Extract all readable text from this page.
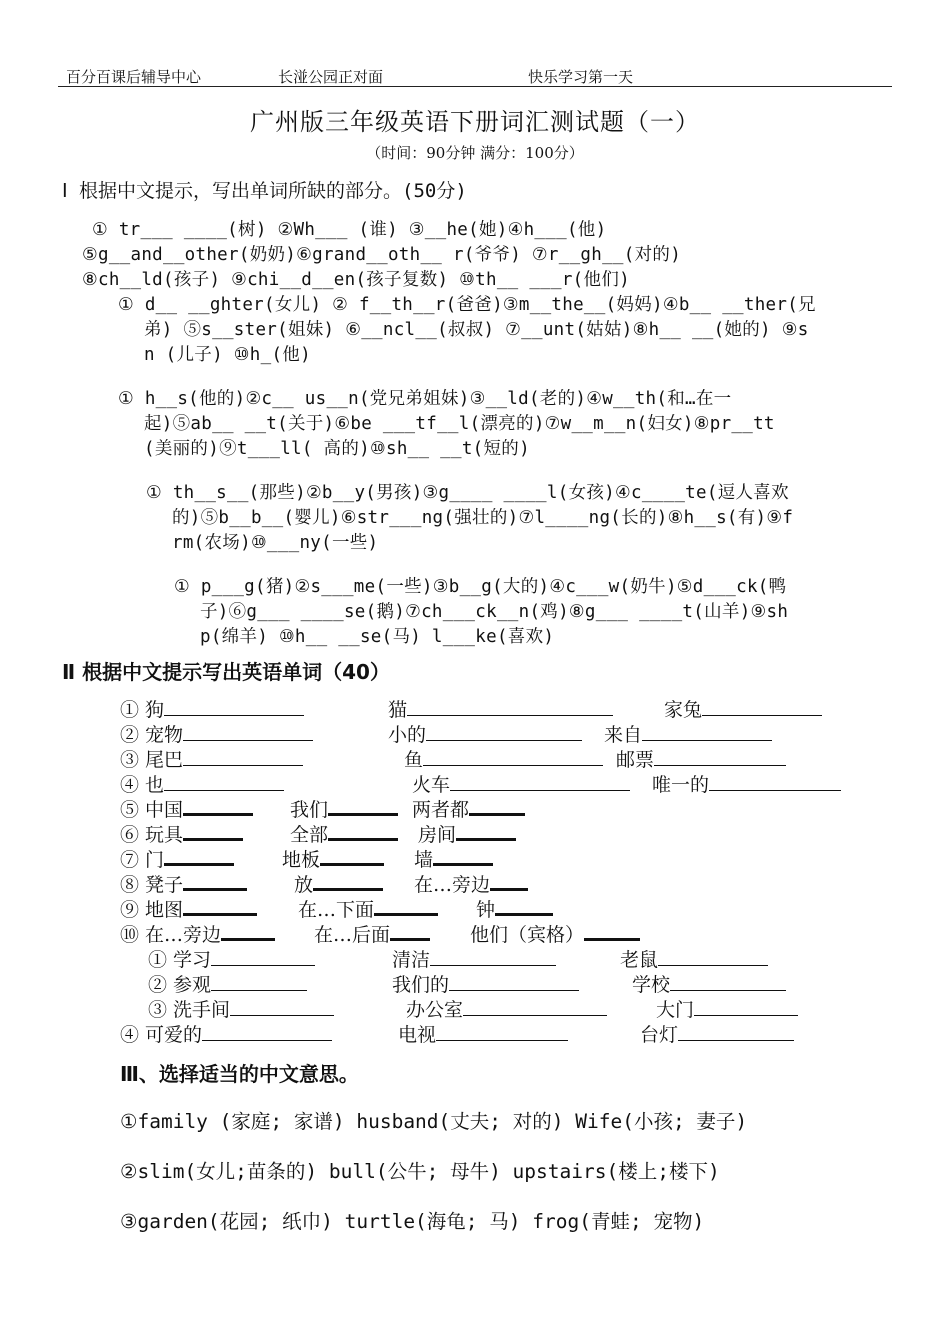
百分百课后辅导中心	长湴公园正对面	快乐学习第一天
广州版三年级英语下册词汇测试题（一）
（时间：90分钟 满分：100分）
Ⅰ 根据中文提示，写出单词所缺的部分。(50分)
① tr___ ____(树) ②Wh___ (谁) ③__he(她)④h___(他)
⑤g__and__other(奶奶)⑥grand__oth__ r(爷爷) ⑦r__gh__(对的)
⑧ch__ld(孩子) ⑨chi__d__en(孩子复数) ⑩th__ ___r(他们)
① d__ __ghter(女儿) ② f__th__r(爸爸)③m__the__(妈妈)④b__ __ther(兄
弟) ⑤s__ster(姐妹) ⑥__ncl__(叔叔) ⑦__unt(姑姑)⑧h__ __(她的) ⑨s
n (儿子) ⑩h_(他)
① h__s(他的)②c__ us__n(党兄弟姐妹)③__ld(老的)④w__th(和…在一
起)⑤ab__ __t(关于)⑥be ___tf__l(漂亮的)⑦w__m__n(妇女)⑧pr__tt
(美丽的)⑨t___ll( 高的)⑩sh__ __t(短的)
① th__s__(那些)②b__y(男孩)③g____ ____l(女孩)④c____te(逗人喜欢
的)⑤b__b__(婴儿)⑥str___ng(强壮的)⑦l____ng(长的)⑧h__s(有)⑨f
rm(农场)⑩___ny(一些)
① p___g(猪)②s___me(一些)③b__g(大的)④c___w(奶牛)⑤d___ck(鸭
子)⑥g___ ____se(鹅)⑦ch___ck__n(鸡)⑧g___ ____t(山羊)⑨sh
p(绵羊) ⑩h__ __se(马) l___ke(喜欢)
Ⅱ 根据中文提示写出英语单词（40）
① 狗	猫	家兔
② 宠物	小的	来自
③ 尾巴	鱼	邮票
④ 也	火车	唯一的
⑤ 中国	我们	两者都
⑥ 玩具	全部	房间
⑦ 门	地板	墙
⑧ 凳子	放	在…旁边
⑨ 地图	在…下面	钟
⑩ 在…旁边	在…后面	他们（宾格）
① 学习	清洁	老鼠
② 参观	我们的	学校
③ 洗手间	办公室	大门
④ 可爱的	电视	台灯
Ⅲ、选择适当的中文意思。
①family (家庭; 家谱) husband(丈夫; 对的) Wife(小孩; 妻子)
②slim(女儿;苗条的) bull(公牛; 母牛) upstairs(楼上;楼下)
③garden(花园; 纸巾) turtle(海龟; 马) frog(青蛙; 宠物)
